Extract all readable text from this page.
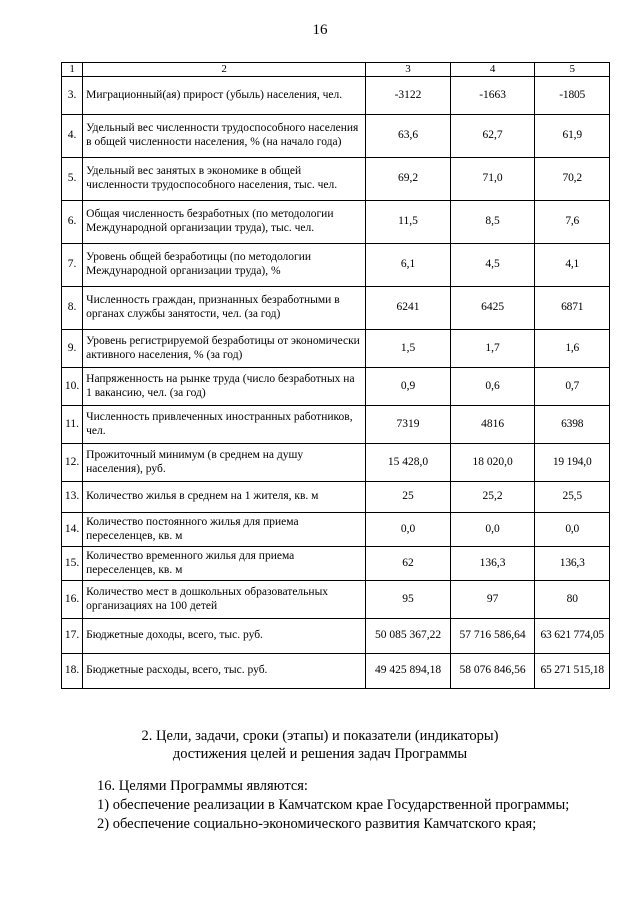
16
1	2	3	4	5
3.	Миграционный(ая) прирост (убыль) населения, чел.	-3122	-1663	-1805
4.	Удельный вес численности трудоспособного населения в общей численности населения, % (на начало года)	63,6	62,7	61,9
5.	Удельный вес занятых в экономике в общей численности трудоспособного населения, тыс. чел.	69,2	71,0	70,2
6.	Общая численность безработных (по методологии Международной организации труда), тыс. чел.	11,5	8,5	7,6
7.	Уровень общей безработицы (по методологии Международной организации труда), %	6,1	4,5	4,1
8.	Численность граждан, признанных безработными в органах службы занятости, чел. (за год)	6241	6425	6871
9.	Уровень регистрируемой безработицы от экономически активного населения, % (за год)	1,5	1,7	1,6
10.	Напряженность на рынке труда (число безработных на 1 вакансию, чел. (за год)	0,9	0,6	0,7
11.	Численность привлеченных иностранных работников, чел.	7319	4816	6398
12.	Прожиточный минимум (в среднем на душу населения), руб.	15 428,0	18 020,0	19 194,0
13.	Количество жилья в среднем на 1 жителя, кв. м	25	25,2	25,5
14.	Количество постоянного жилья для приема переселенцев, кв. м	0,0	0,0	0,0
15.	Количество временного жилья для приема переселенцев, кв. м	62	136,3	136,3
16.	Количество мест в дошкольных образовательных организациях на 100 детей	95	97	80
17.	Бюджетные доходы, всего, тыс. руб.	50 085 367,22	57 716 586,64	63 621 774,05
18.	Бюджетные расходы, всего, тыс. руб.	49 425 894,18	58 076 846,56	65 271 515,18
2. Цели, задачи, сроки (этапы) и показатели (индикаторы)
достижения целей и решения задач Программы
16. Целями Программы являются:
1) обеспечение реализации в Камчатском крае Государственной программы;
2) обеспечение социально-экономического развития Камчатского края;
